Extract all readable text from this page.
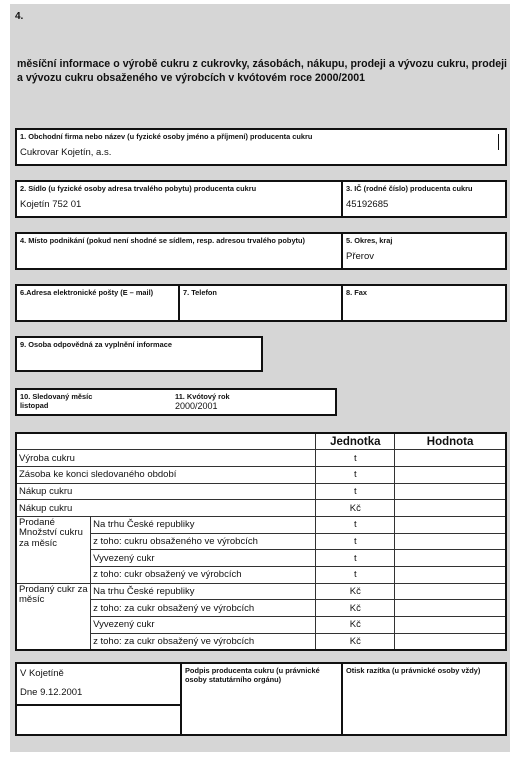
4.
měsíční informace o výrobě cukru z cukrovky, zásobách, nákupu, prodeji a vývozu cukru, prodeji a vývozu cukru obsaženého ve výrobcích v kvótovém roce 2000/2001
1. Obchodní firma nebo název (u fyzické osoby jméno a příjmení) producenta cukru
Cukrovar Kojetín, a.s.
2. Sídlo (u fyzické osoby adresa trvalého pobytu) producenta cukru
Kojetín 752 01
3. IČ (rodné číslo) producenta cukru
45192685
4. Místo podnikání (pokud není shodné se sídlem, resp. adresou trvalého pobytu)	5. Okres, kraj
Přerov
6.Adresa elektronické pošty (E – mail)	7. Telefon	8. Fax
9. Osoba odpovědná za vyplnění informace
10. Sledovaný měsíc
listopad
11. Kvótový rok
2000/2001
		Jednotka	Hodnota
Výroba cukru		t	
Zásoba ke konci sledovaného období		t	
Nákup cukru		t	
Nákup cukru		Kč	
Prodané Množství cukru za měsíc	Na trhu České republiky	t	
	z toho: cukru obsaženého ve výrobcích	t	
	Vyvezený cukr	t	
	z toho: cukr obsažený ve výrobcích	t	
Prodaný cukr za měsíc	Na trhu České republiky	Kč	
	z toho: za cukr obsažený ve výrobcích	Kč	
	Vyvezený cukr	Kč	
	z toho: za cukr obsažený ve výrobcích	Kč	
V Kojetíně
Dne 9.12.2001
Podpis producenta cukru (u právnické osoby statutárního orgánu)
Otisk razítka (u právnické osoby vždy)
